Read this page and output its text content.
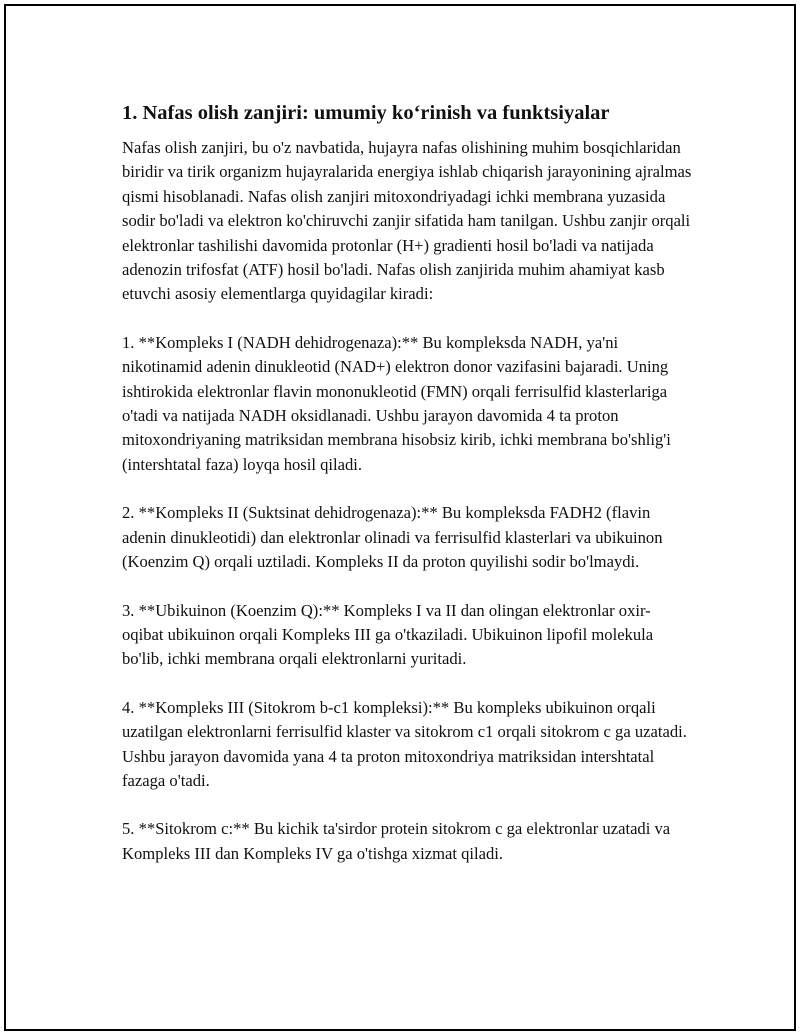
1. Nafas olish zanjiri: umumiy ko‘rinish va funktsiyalar

Nafas olish zanjiri, bu o'z navbatida, hujayra nafas olishining muhim bosqichlaridan biridir va tirik organizm hujayralarida energiya ishlab chiqarish jarayonining ajralmas qismi hisoblanadi. Nafas olish zanjiri mitoxondriyadagi ichki membrana yuzasida sodir bo'ladi va elektron ko'chiruvchi zanjir sifatida ham tanilgan. Ushbu zanjir orqali elektronlar tashilishi davomida protonlar (H+) gradienti hosil bo'ladi va natijada adenozin trifosfat (ATF) hosil bo'ladi. Nafas olish zanjirida muhim ahamiyat kasb etuvchi asosiy elementlarga quyidagilar kiradi:

1. **Kompleks I (NADH dehidrogenaza):** Bu kompleksda NADH, ya'ni nikotinamid adenin dinukleotid (NAD+) elektron donor vazifasini bajaradi. Uning ishtirokida elektronlar flavin mononukleotid (FMN) orqali ferrisulfid klasterlariga o'tadi va natijada NADH oksidlanadi. Ushbu jarayon davomida 4 ta proton mitoxondriyaning matriksidan membrana hisobsiz kirib, ichki membrana bo'shlig'i (intershtatal faza) loyqa hosil qiladi.

2. **Kompleks II (Suktsinat dehidrogenaza):** Bu kompleksda FADH2 (flavin adenin dinukleotidi) dan elektronlar olinadi va ferrisulfid klasterlari va ubikuinon (Koenzim Q) orqali uztiladi. Kompleks II da proton quyilishi sodir bo'lmaydi.

3. **Ubikuinon (Koenzim Q):** Kompleks I va II dan olingan elektronlar oxir-oqibat ubikuinon orqali Kompleks III ga o'tkaziladi. Ubikuinon lipofil molekula bo'lib, ichki membrana orqali elektronlarni yuritadi.

4. **Kompleks III (Sitokrom b-c1 kompleksi):** Bu kompleks ubikuinon orqali uzatilgan elektronlarni ferrisulfid klaster va sitokrom c1 orqali sitokrom c ga uzatadi. Ushbu jarayon davomida yana 4 ta proton mitoxondriya matriksidan intershtatal fazaga o'tadi.

5. **Sitokrom c:** Bu kichik ta'sirdor protein sitokrom c ga elektronlar uzatadi va Kompleks III dan Kompleks IV ga o'tishga xizmat qiladi.
